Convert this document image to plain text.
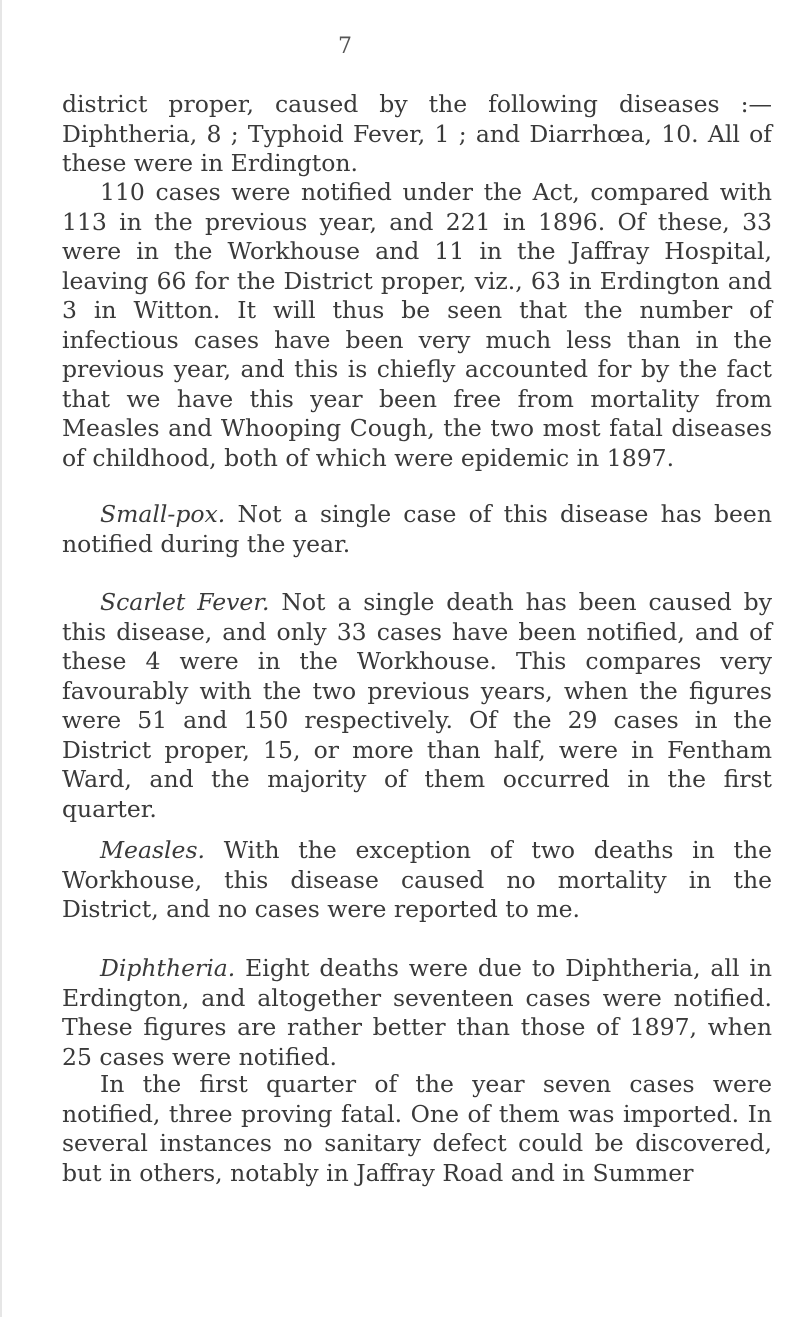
7

district proper, caused by the following diseases :— Diphtheria, 8 ; Typhoid Fever, 1 ; and Diarrhœa, 10. All of these were in Erdington.

110 cases were notified under the Act, compared with 113 in the previous year, and 221 in 1896. Of these, 33 were in the Workhouse and 11 in the Jaffray Hospital, leaving 66 for the District proper, viz., 63 in Erdington and 3 in Witton. It will thus be seen that the number of infectious cases have been very much less than in the previous year, and this is chiefly accounted for by the fact that we have this year been free from mortality from Measles and Whooping Cough, the two most fatal diseases of childhood, both of which were epidemic in 1897.

Small-pox. Not a single case of this disease has been notified during the year.

Scarlet Fever. Not a single death has been caused by this disease, and only 33 cases have been notified, and of these 4 were in the Workhouse. This compares very favourably with the two previous years, when the figures were 51 and 150 respectively. Of the 29 cases in the District proper, 15, or more than half, were in Fentham Ward, and the majority of them occurred in the first quarter.

Measles. With the exception of two deaths in the Workhouse, this disease caused no mortality in the District, and no cases were reported to me.

Diphtheria. Eight deaths were due to Diphtheria, all in Erdington, and altogether seventeen cases were notified. These figures are rather better than those of 1897, when 25 cases were notified.

In the first quarter of the year seven cases were notified, three proving fatal. One of them was imported. In several instances no sanitary defect could be discovered, but in others, notably in Jaffray Road and in Summer
